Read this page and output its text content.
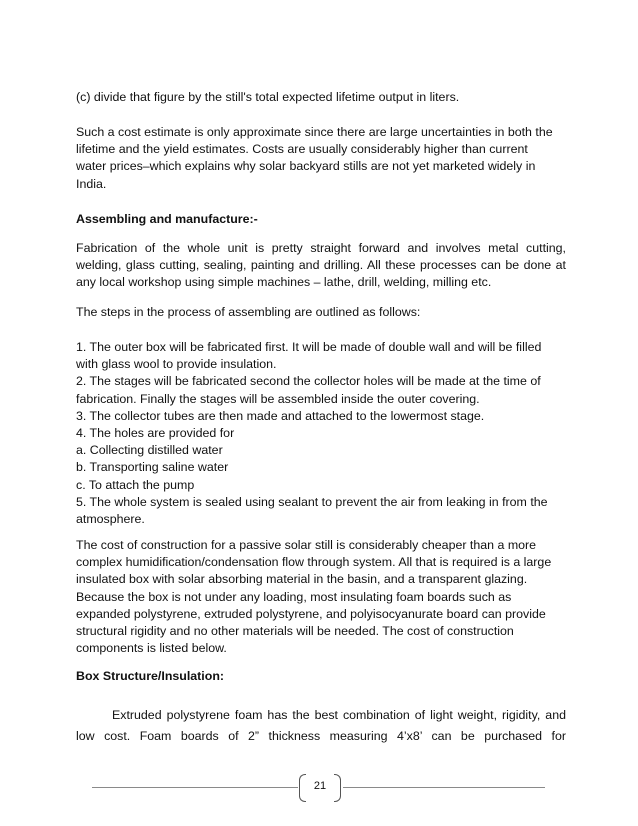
(c) divide that figure by the still's total expected lifetime output in liters.

Such a cost estimate is only approximate since there are large uncertainties in both the
lifetime and the yield estimates. Costs are usually considerably higher than current
water prices–which explains why solar backyard stills are not yet marketed widely in
India.

Assembling and manufacture:-

Fabrication of the whole unit is pretty straight forward and involves metal cutting,
welding, glass cutting, sealing, painting and drilling. All these processes can be done at
any local workshop using simple machines – lathe, drill, welding, milling etc.

The steps in the process of assembling are outlined as follows:

1. The outer box will be fabricated first. It will be made of double wall and will be filled
with glass wool to provide insulation.
2. The stages will be fabricated second the collector holes will be made at the time of
fabrication. Finally the stages will be assembled inside the outer covering.
3. The collector tubes are then made and attached to the lowermost stage.
4. The holes are provided for
a. Collecting distilled water
b. Transporting saline water
c. To attach the pump
5. The whole system is sealed using sealant to prevent the air from leaking in from the
atmosphere.

The cost of construction for a passive solar still is considerably cheaper than a more
complex humidification/condensation flow through system. All that is required is a large
insulated box with solar absorbing material in the basin, and a transparent glazing.
Because the box is not under any loading, most insulating foam boards such as
expanded polystyrene, extruded polystyrene, and polyisocyanurate board can provide
structural rigidity and no other materials will be needed. The cost of construction
components is listed below.

Box Structure/Insulation:

Extruded polystyrene foam has the best combination of light weight, rigidity, and
low cost. Foam boards of 2” thickness measuring 4’x8’ can be purchased for

21
